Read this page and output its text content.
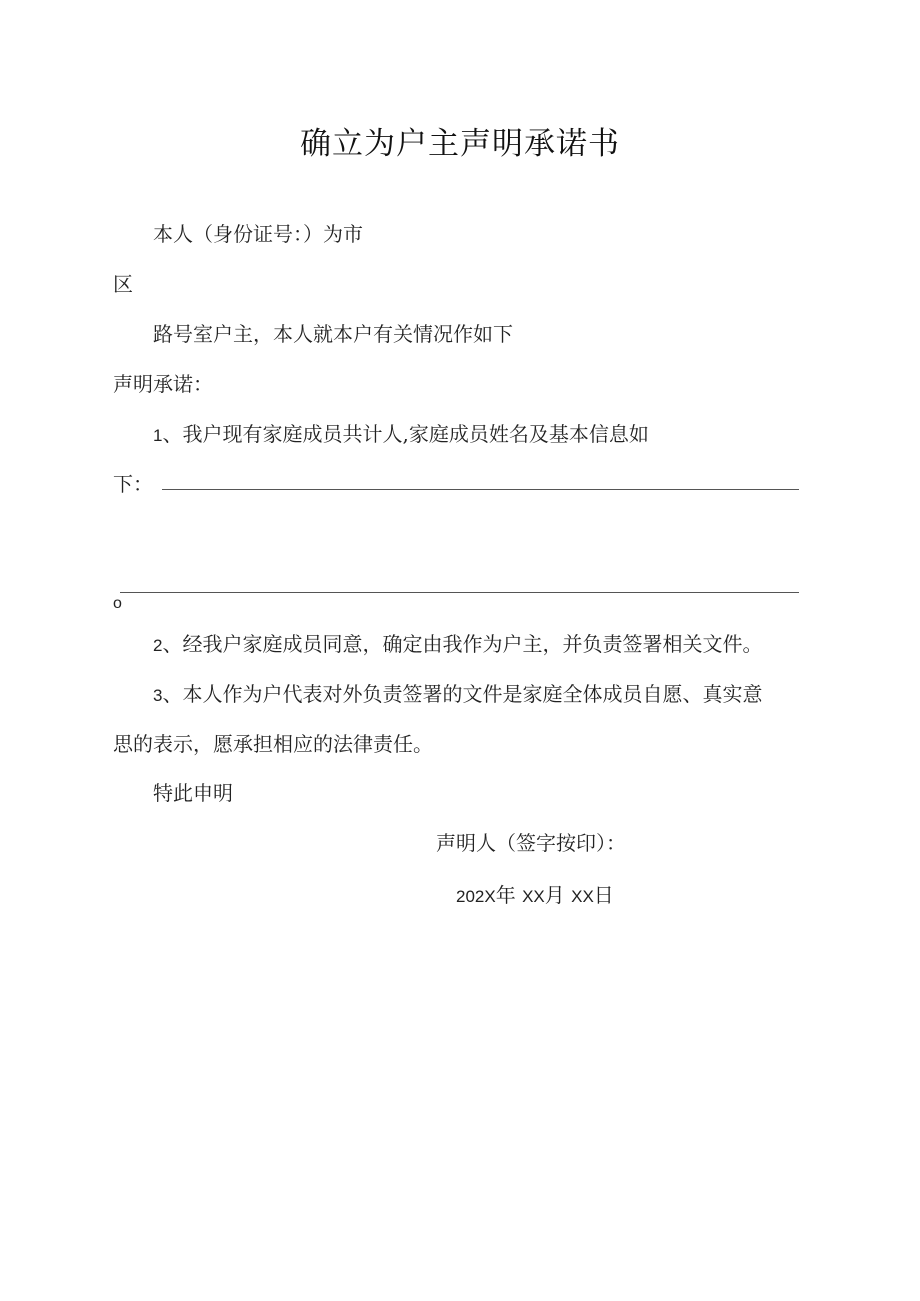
确立为户主声明承诺书
本人（身份证号：）为市
区
路号室户主，本人就本户有关情况作如下
声明承诺：
1、我户现有家庭成员共计人,家庭成员姓名及基本信息如
下：
o
2、经我户家庭成员同意，确定由我作为户主，并负责签署相关文件。
3、本人作为户代表对外负责签署的文件是家庭全体成员自愿、真实意
思的表示，愿承担相应的法律责任。
特此申明
声明人（签字按印）：
202X年 XX月 XX日
